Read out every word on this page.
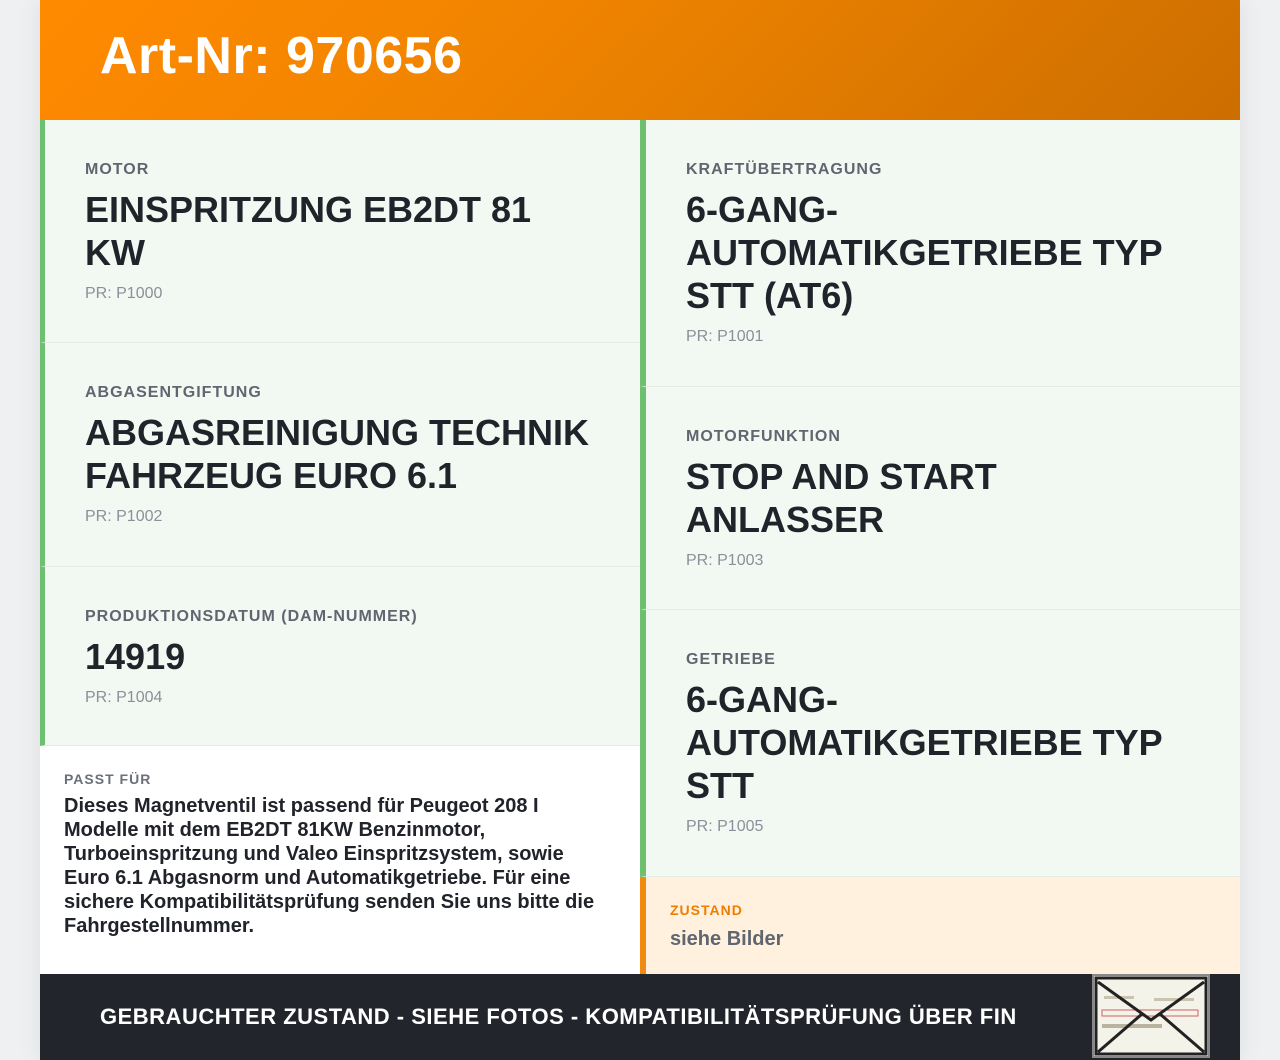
Art-Nr: 970656
MOTOR
EINSPRITZUNG EB2DT 81 KW
PR: P1000
ABGASENTGIFTUNG
ABGASREINIGUNG TECHNIK FAHRZEUG EURO 6.1
PR: P1002
PRODUKTIONSDATUM (DAM-NUMMER)
14919
PR: P1004
PASST FÜR
Dieses Magnetventil ist passend für Peugeot 208 I Modelle mit dem EB2DT 81KW Benzinmotor, Turboeinspritzung und Valeo Einspritzsystem, sowie Euro 6.1 Abgasnorm und Automatikgetriebe. Für eine sichere Kompatibilitätsprüfung senden Sie uns bitte die Fahrgestellnummer.
KRAFTÜBERTRAGUNG
6-GANG-AUTOMATIKGETRIEBE TYP STT (AT6)
PR: P1001
MOTORFUNKTION
STOP AND START ANLASSER
PR: P1003
GETRIEBE
6-GANG-AUTOMATIKGETRIEBE TYP STT
PR: P1005
ZUSTAND
siehe Bilder
GEBRAUCHTER ZUSTAND - SIEHE FOTOS - KOMPATIBILITÄTSPRÜFUNG ÜBER FIN
